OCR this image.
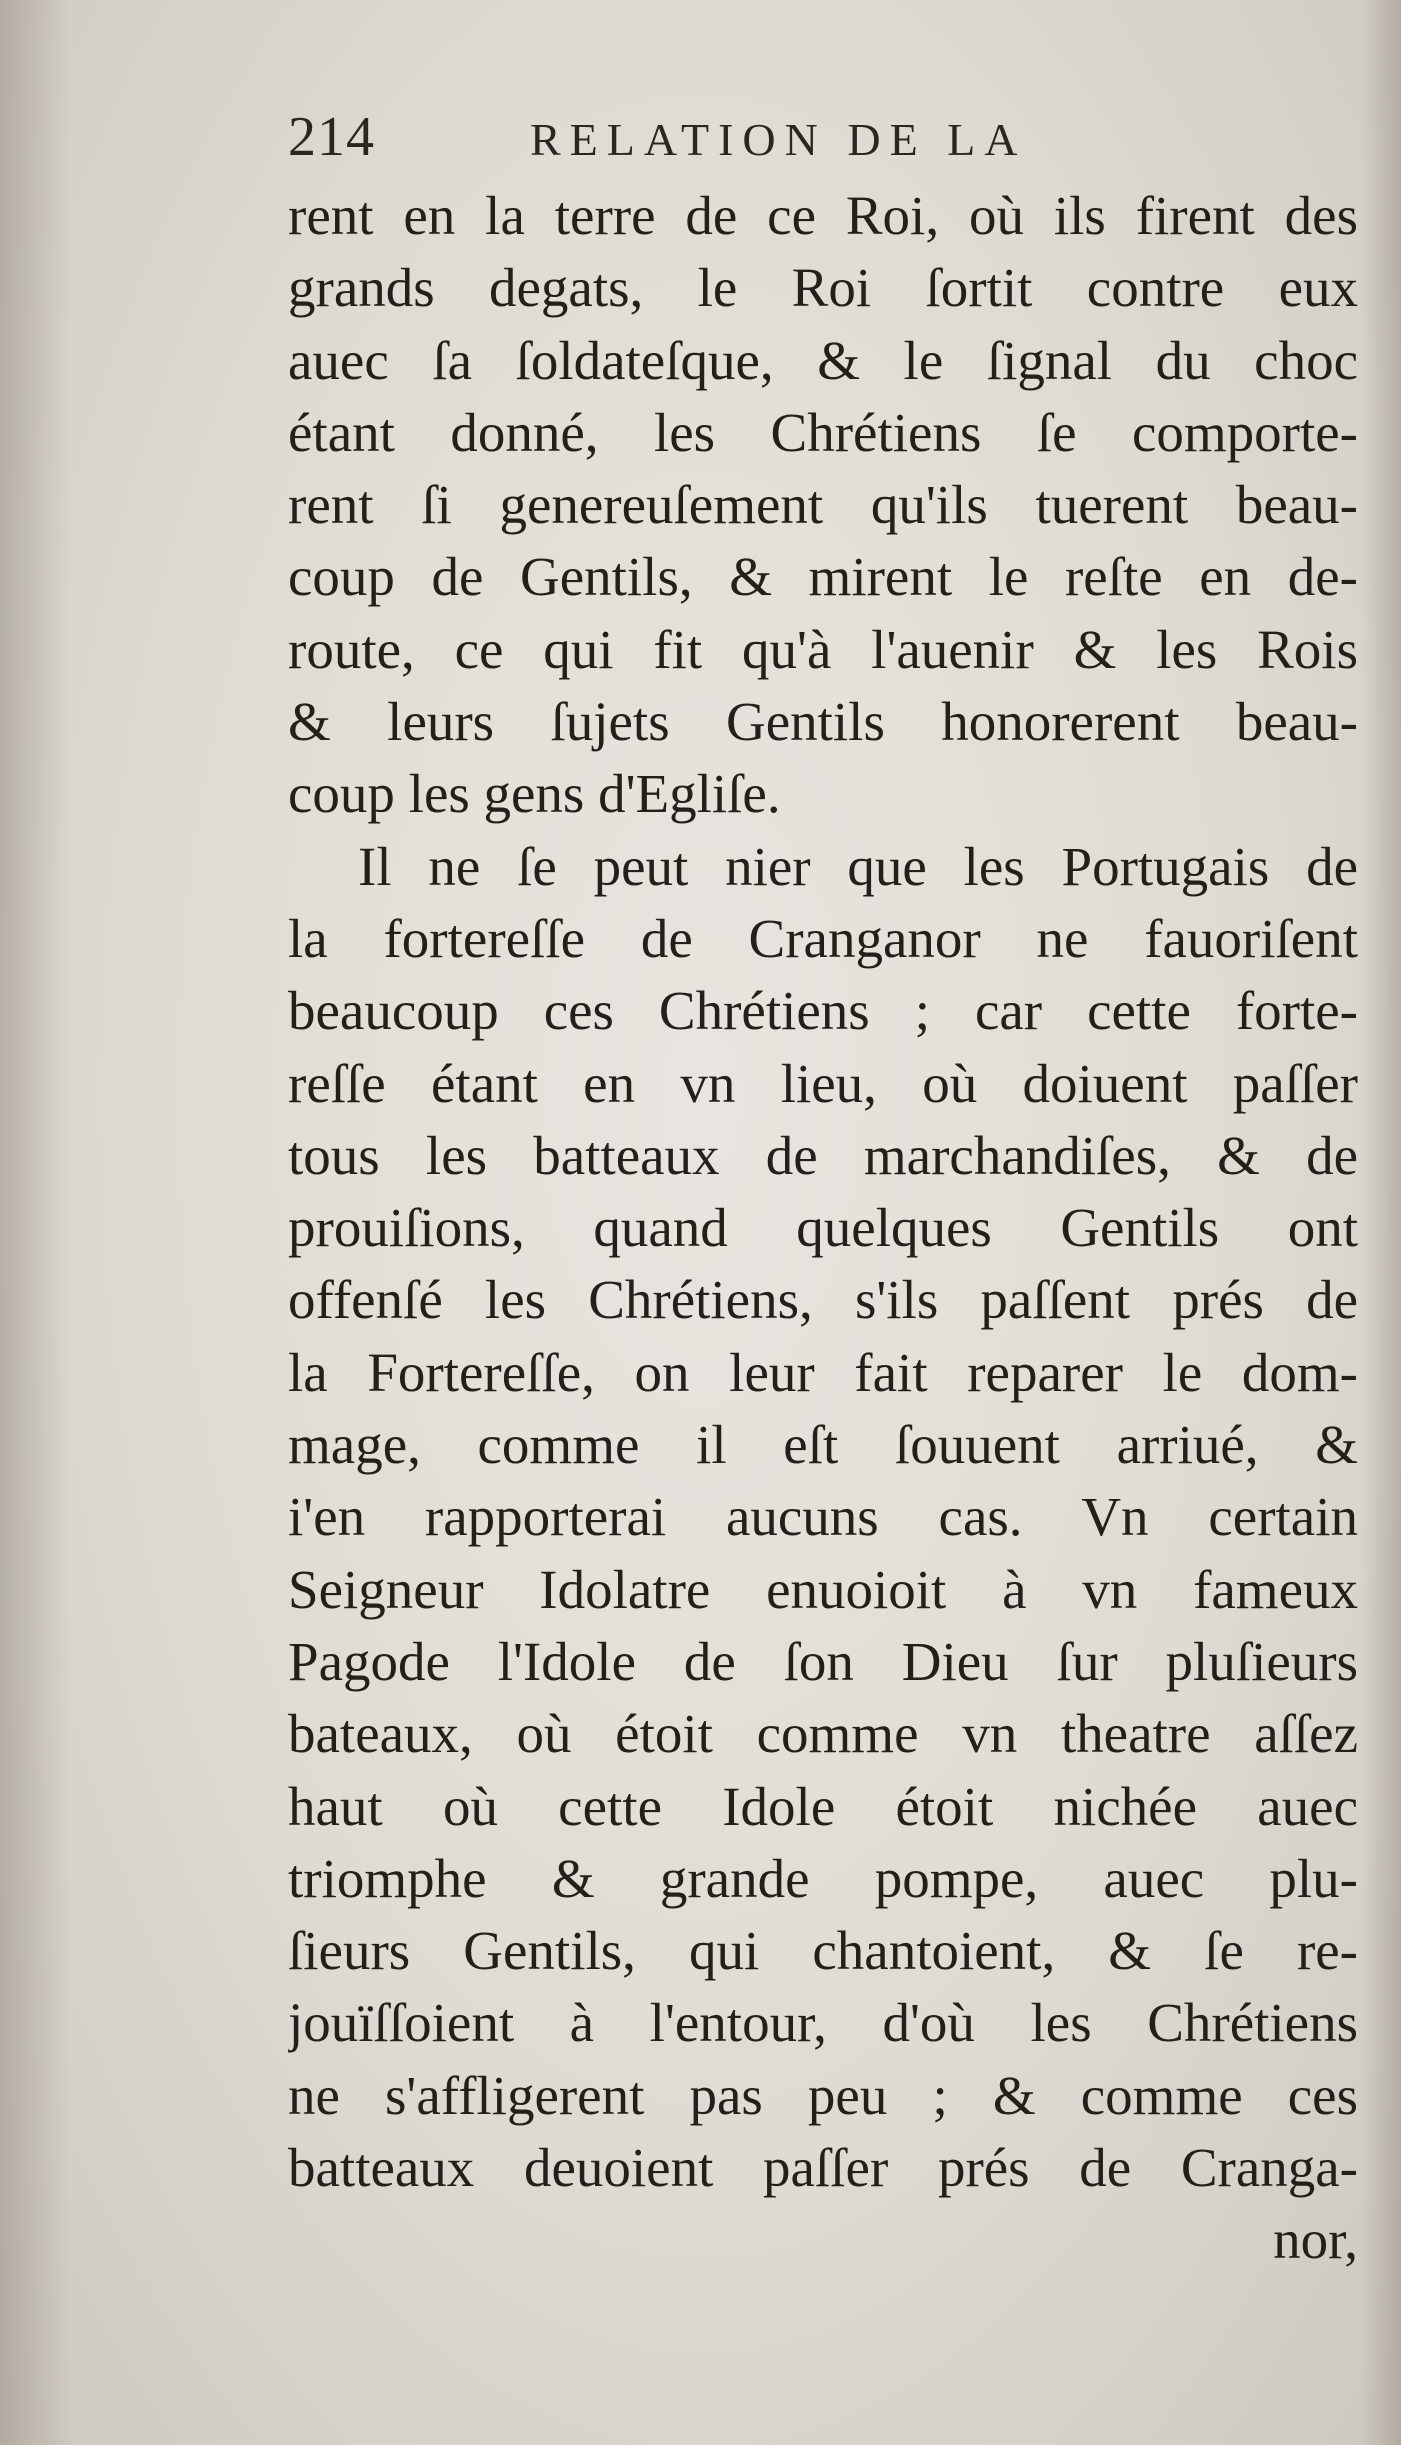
214	RELATION DE LA
rent en la terre de ce Roi, où ils firent des
grands degats, le Roi ſortit contre eux
auec ſa ſoldateſque, & le ſignal du choc
étant donné, les Chrétiens ſe comporte-
rent ſi genereuſement qu'ils tuerent beau-
coup de Gentils, & mirent le reſte en de-
route, ce qui fit qu'à l'auenir & les Rois
& leurs ſujets Gentils honorerent beau-
coup les gens d'Egliſe.
Il ne ſe peut nier que les Portugais de
la fortereſſe de Cranganor ne fauoriſent
beaucoup ces Chrétiens ; car cette forte-
reſſe étant en vn lieu, où doiuent paſſer
tous les batteaux de marchandiſes, & de
prouiſions, quand quelques Gentils ont
offenſé les Chrétiens, s'ils paſſent prés de
la Fortereſſe, on leur fait reparer le dom-
mage, comme il eſt ſouuent arriué, &
i'en rapporterai aucuns cas. Vn certain
Seigneur Idolatre enuoioit à vn fameux
Pagode l'Idole de ſon Dieu ſur pluſieurs
bateaux, où étoit comme vn theatre aſſez
haut où cette Idole étoit nichée auec
triomphe & grande pompe, auec plu-
ſieurs Gentils, qui chantoient, & ſe re-
jouïſſoient à l'entour, d'où les Chrétiens
ne s'affligerent pas peu ; & comme ces
batteaux deuoient paſſer prés de Cranga-
nor,
